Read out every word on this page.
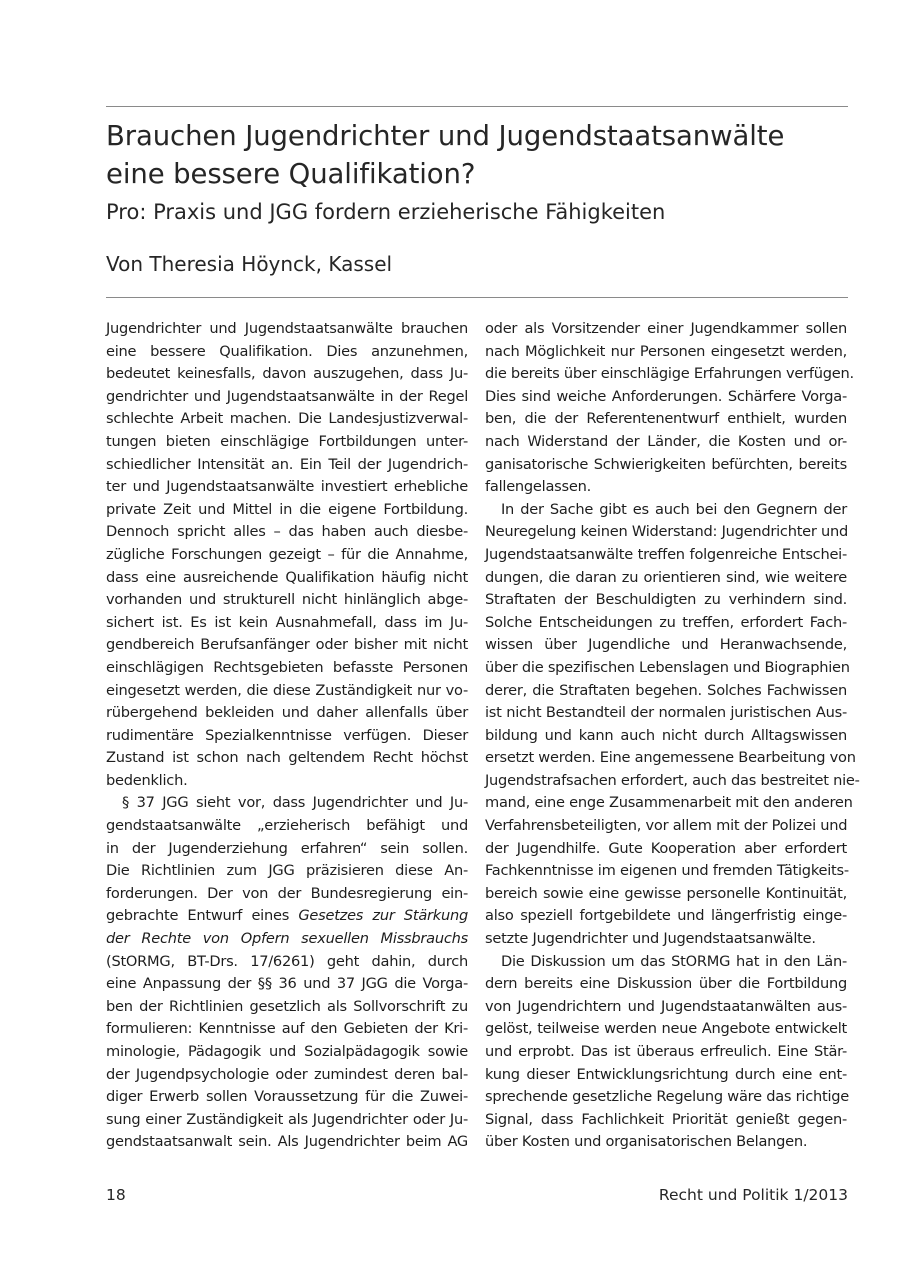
Brauchen Jugendrichter und Jugendstaatsanwälte
eine bessere Qualifikation?

Pro: Praxis und JGG fordern erzieherische Fähigkeiten

Von Theresia Höynck, Kassel

Jugendrichter und Jugendstaatsanwälte brauchen
eine bessere Qualifikation. Dies anzunehmen,
bedeutet keinesfalls, davon auszugehen, dass Ju-
gendrichter und Jugendstaatsanwälte in der Regel
schlechte Arbeit machen. Die Landesjustizverwal-
tungen bieten einschlägige Fortbildungen unter-
schiedlicher Intensität an. Ein Teil der Jugendrich-
ter und Jugendstaatsanwälte investiert erhebliche
private Zeit und Mittel in die eigene Fortbildung.
Dennoch spricht alles – das haben auch diesbe-
zügliche Forschungen gezeigt – für die Annahme,
dass eine ausreichende Qualifikation häufig nicht
vorhanden und strukturell nicht hinlänglich abge-
sichert ist. Es ist kein Ausnahmefall, dass im Ju-
gendbereich Berufsanfänger oder bisher mit nicht
einschlägigen Rechtsgebieten befasste Personen
eingesetzt werden, die diese Zuständigkeit nur vo-
rübergehend bekleiden und daher allenfalls über
rudimentäre Spezialkenntnisse verfügen. Dieser
Zustand ist schon nach geltendem Recht höchst
bedenklich.
§ 37 JGG sieht vor, dass Jugendrichter und Ju-
gendstaatsanwälte „erzieherisch befähigt und
in der Jugenderziehung erfahren“ sein sollen.
Die Richtlinien zum JGG präzisieren diese An-
forderungen. Der von der Bundesregierung ein-
gebrachte Entwurf eines Gesetzes zur Stärkung
der Rechte von Opfern sexuellen Missbrauchs
(StORMG, BT-Drs. 17/6261) geht dahin, durch
eine Anpassung der §§ 36 und 37 JGG die Vorga-
ben der Richtlinien gesetzlich als Sollvorschrift zu
formulieren: Kenntnisse auf den Gebieten der Kri-
minologie, Pädagogik und Sozialpädagogik sowie
der Jugendpsychologie oder zumindest deren bal-
diger Erwerb sollen Voraussetzung für die Zuwei-
sung einer Zuständigkeit als Jugendrichter oder Ju-
gendstaatsanwalt sein. Als Jugendrichter beim AG
oder als Vorsitzender einer Jugendkammer sollen
nach Möglichkeit nur Personen eingesetzt werden,
die bereits über einschlägige Erfahrungen verfügen.
Dies sind weiche Anforderungen. Schärfere Vorga-
ben, die der Referentenentwurf enthielt, wurden
nach Widerstand der Länder, die Kosten und or-
ganisatorische Schwierigkeiten befürchten, bereits
fallengelassen.
In der Sache gibt es auch bei den Gegnern der
Neuregelung keinen Widerstand: Jugendrichter und
Jugendstaatsanwälte treffen folgenreiche Entschei-
dungen, die daran zu orientieren sind, wie weitere
Straftaten der Beschuldigten zu verhindern sind.
Solche Entscheidungen zu treffen, erfordert Fach-
wissen über Jugendliche und Heranwachsende,
über die spezifischen Lebenslagen und Biographien
derer, die Straftaten begehen. Solches Fachwissen
ist nicht Bestandteil der normalen juristischen Aus-
bildung und kann auch nicht durch Alltagswissen
ersetzt werden. Eine angemessene Bearbeitung von
Jugendstrafsachen erfordert, auch das bestreitet nie-
mand, eine enge Zusammenarbeit mit den anderen
Verfahrensbeteiligten, vor allem mit der Polizei und
der Jugendhilfe. Gute Kooperation aber erfordert
Fachkenntnisse im eigenen und fremden Tätigkeits-
bereich sowie eine gewisse personelle Kontinuität,
also speziell fortgebildete und längerfristig einge-
setzte Jugendrichter und Jugendstaatsanwälte.
Die Diskussion um das StORMG hat in den Län-
dern bereits eine Diskussion über die Fortbildung
von Jugendrichtern und Jugendstaatanwälten aus-
gelöst, teilweise werden neue Angebote entwickelt
und erprobt. Das ist überaus erfreulich. Eine Stär-
kung dieser Entwicklungsrichtung durch eine ent-
sprechende gesetzliche Regelung wäre das richtige
Signal, dass Fachlichkeit Priorität genießt gegen-
über Kosten und organisatorischen Belangen.
18	Recht und Politik 1/2013
